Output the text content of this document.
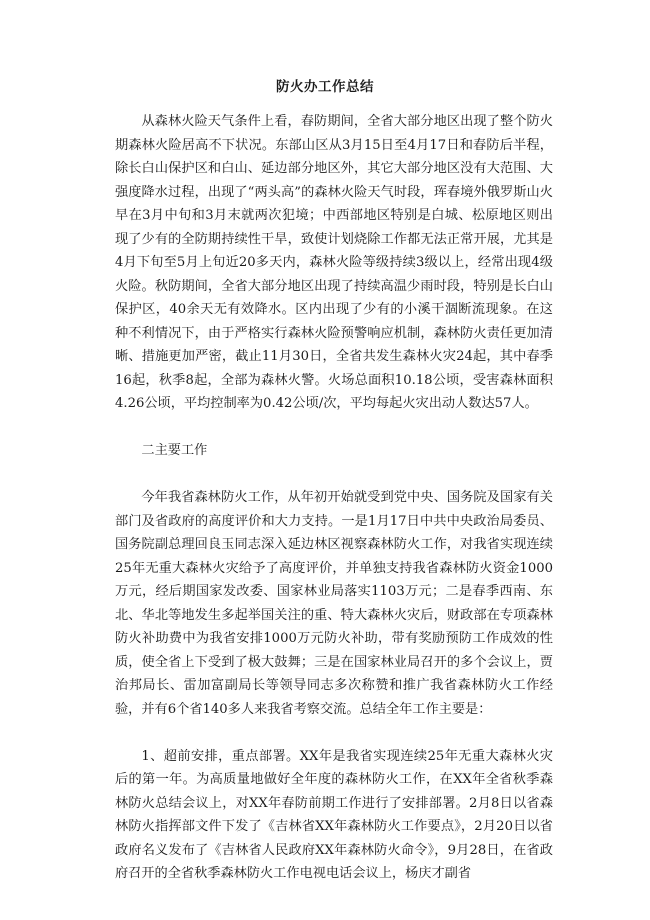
防火办工作总结

从森林火险天气条件上看，春防期间，全省大部分地区出现了整个防火期森林火险居高不下状况。东部山区从3月15日至4月17日和春防后半程，除长白山保护区和白山、延边部分地区外，其它大部分地区没有大范围、大强度降水过程，出现了“两头高”的森林火险天气时段，珲春境外俄罗斯山火早在3月中旬和3月末就两次犯境；中西部地区特别是白城、松原地区则出现了少有的全防期持续性干旱，致使计划烧除工作都无法正常开展，尤其是4月下旬至5月上旬近20多天内，森林火险等级持续3级以上，经常出现4级火险。秋防期间，全省大部分地区出现了持续高温少雨时段，特别是长白山保护区，40余天无有效降水。区内出现了少有的小溪干涸断流现象。在这种不利情况下，由于严格实行森林火险预警响应机制，森林防火责任更加清晰、措施更加严密，截止11月30日，全省共发生森林火灾24起，其中春季16起，秋季8起，全部为森林火警。火场总面积10.18公顷，受害森林面积4.26公顷，平均控制率为0.42公顷/次，平均每起火灾出动人数达57人。

二主要工作

今年我省森林防火工作，从年初开始就受到党中央、国务院及国家有关部门及省政府的高度评价和大力支持。一是1月17日中共中央政治局委员、国务院副总理回良玉同志深入延边林区视察森林防火工作，对我省实现连续25年无重大森林火灾给予了高度评价，并单独支持我省森林防火资金1000万元，经后期国家发改委、国家林业局落实1103万元；二是春季西南、东北、华北等地发生多起举国关注的重、特大森林火灾后，财政部在专项森林防火补助费中为我省安排1000万元防火补助，带有奖励预防工作成效的性质，使全省上下受到了极大鼓舞；三是在国家林业局召开的多个会议上，贾治邦局长、雷加富副局长等领导同志多次称赞和推广我省森林防火工作经验，并有6个省140多人来我省考察交流。总结全年工作主要是：

1、超前安排，重点部署。XX年是我省实现连续25年无重大森林火灾后的第一年。为高质量地做好全年度的森林防火工作，在XX年全省秋季森林防火总结会议上，对XX年春防前期工作进行了安排部署。2月8日以省森林防火指挥部文件下发了《吉林省XX年森林防火工作要点》，2月20日以省政府名义发布了《吉林省人民政府XX年森林防火命令》，9月28日，在省政府召开的全省秋季森林防火工作电视电话会议上，杨庆才副省
